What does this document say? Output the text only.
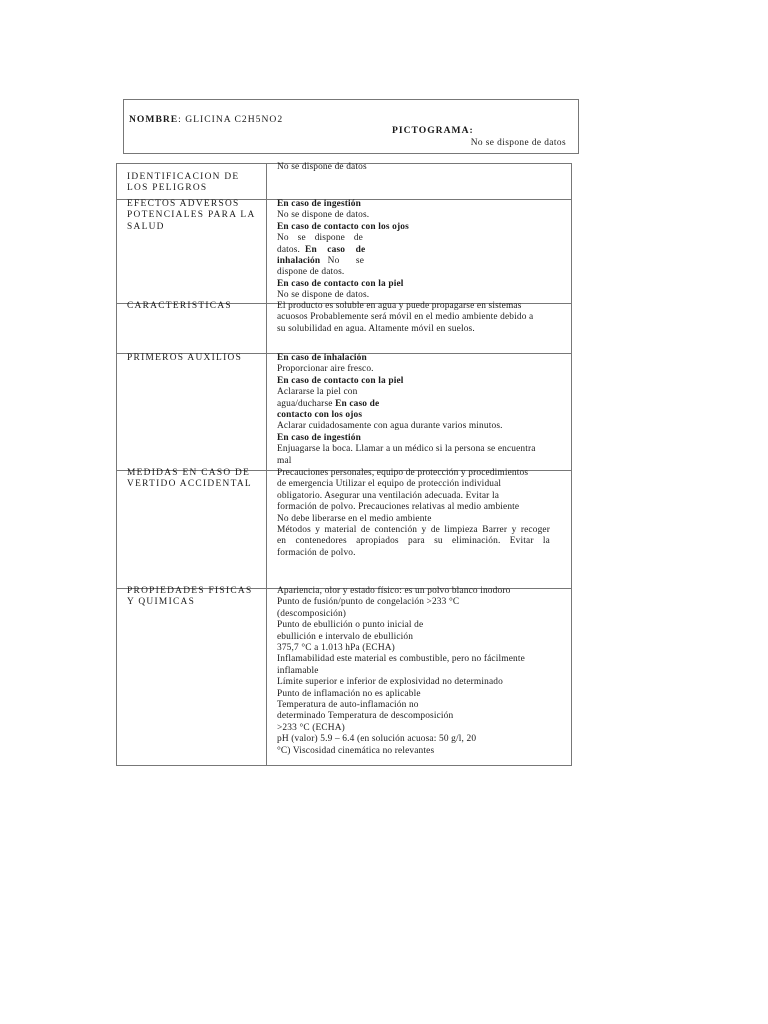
NOMBRE: GLICINA C2H5NO2
PICTOGRAMA:
No se dispone de datos
IDENTIFICACION DE LOS PELIGROS
No se dispone de datos
EFECTOS ADVERSOS POTENCIALES PARA LA SALUD
En caso de ingestión
No se dispone de datos.
En caso de contacto con los ojos
No se dispone de
datos. En caso de
inhalación No se
dispone de datos.
En caso de contacto con la piel
No se dispone de datos.
CARACTERISTICAS	El producto es soluble en agua y puede propagarse en sistemas
acuosos Probablemente será móvil en el medio ambiente debido a
su solubilidad en agua. Altamente móvil en suelos.
PRIMEROS AUXILIOS	En caso de inhalación
Proporcionar aire fresco.
En caso de contacto con la piel
Aclararse la piel con
agua/ducharse En caso de
contacto con los ojos
Aclarar cuidadosamente con agua durante varios minutos.
En caso de ingestión
Enjuagarse la boca. Llamar a un médico si la persona se encuentra
mal
MEDIDAS EN CASO DE VERTIDO ACCIDENTAL
Precauciones personales, equipo de protección y procedimientos
de emergencia Utilizar el equipo de protección individual
obligatorio. Asegurar una ventilación adecuada. Evitar la
formación de polvo. Precauciones relativas al medio ambiente
No debe liberarse en el medio ambiente
Métodos y material de contención y de limpieza Barrer y recoger
en contenedores apropiados para su eliminación. Evitar la
formación de polvo.
PROPIEDADES FISICAS Y QUIMICAS
Apariencia, olor y estado físico: es un polvo blanco inodoro
Punto de fusión/punto de congelación >233 °C
(descomposición)
Punto de ebullición o punto inicial de
ebullición e intervalo de ebullición
375,7 °C a 1.013 hPa (ECHA)
Inflamabilidad este material es combustible, pero no fácilmente
inflamable
Límite superior e inferior de explosividad no determinado
Punto de inflamación no es aplicable
Temperatura de auto-inflamación no
determinado Temperatura de descomposición
>233 °C (ECHA)
pH (valor) 5.9 – 6.4 (en solución acuosa: 50 g/l, 20
°C) Viscosidad cinemática no relevantes
